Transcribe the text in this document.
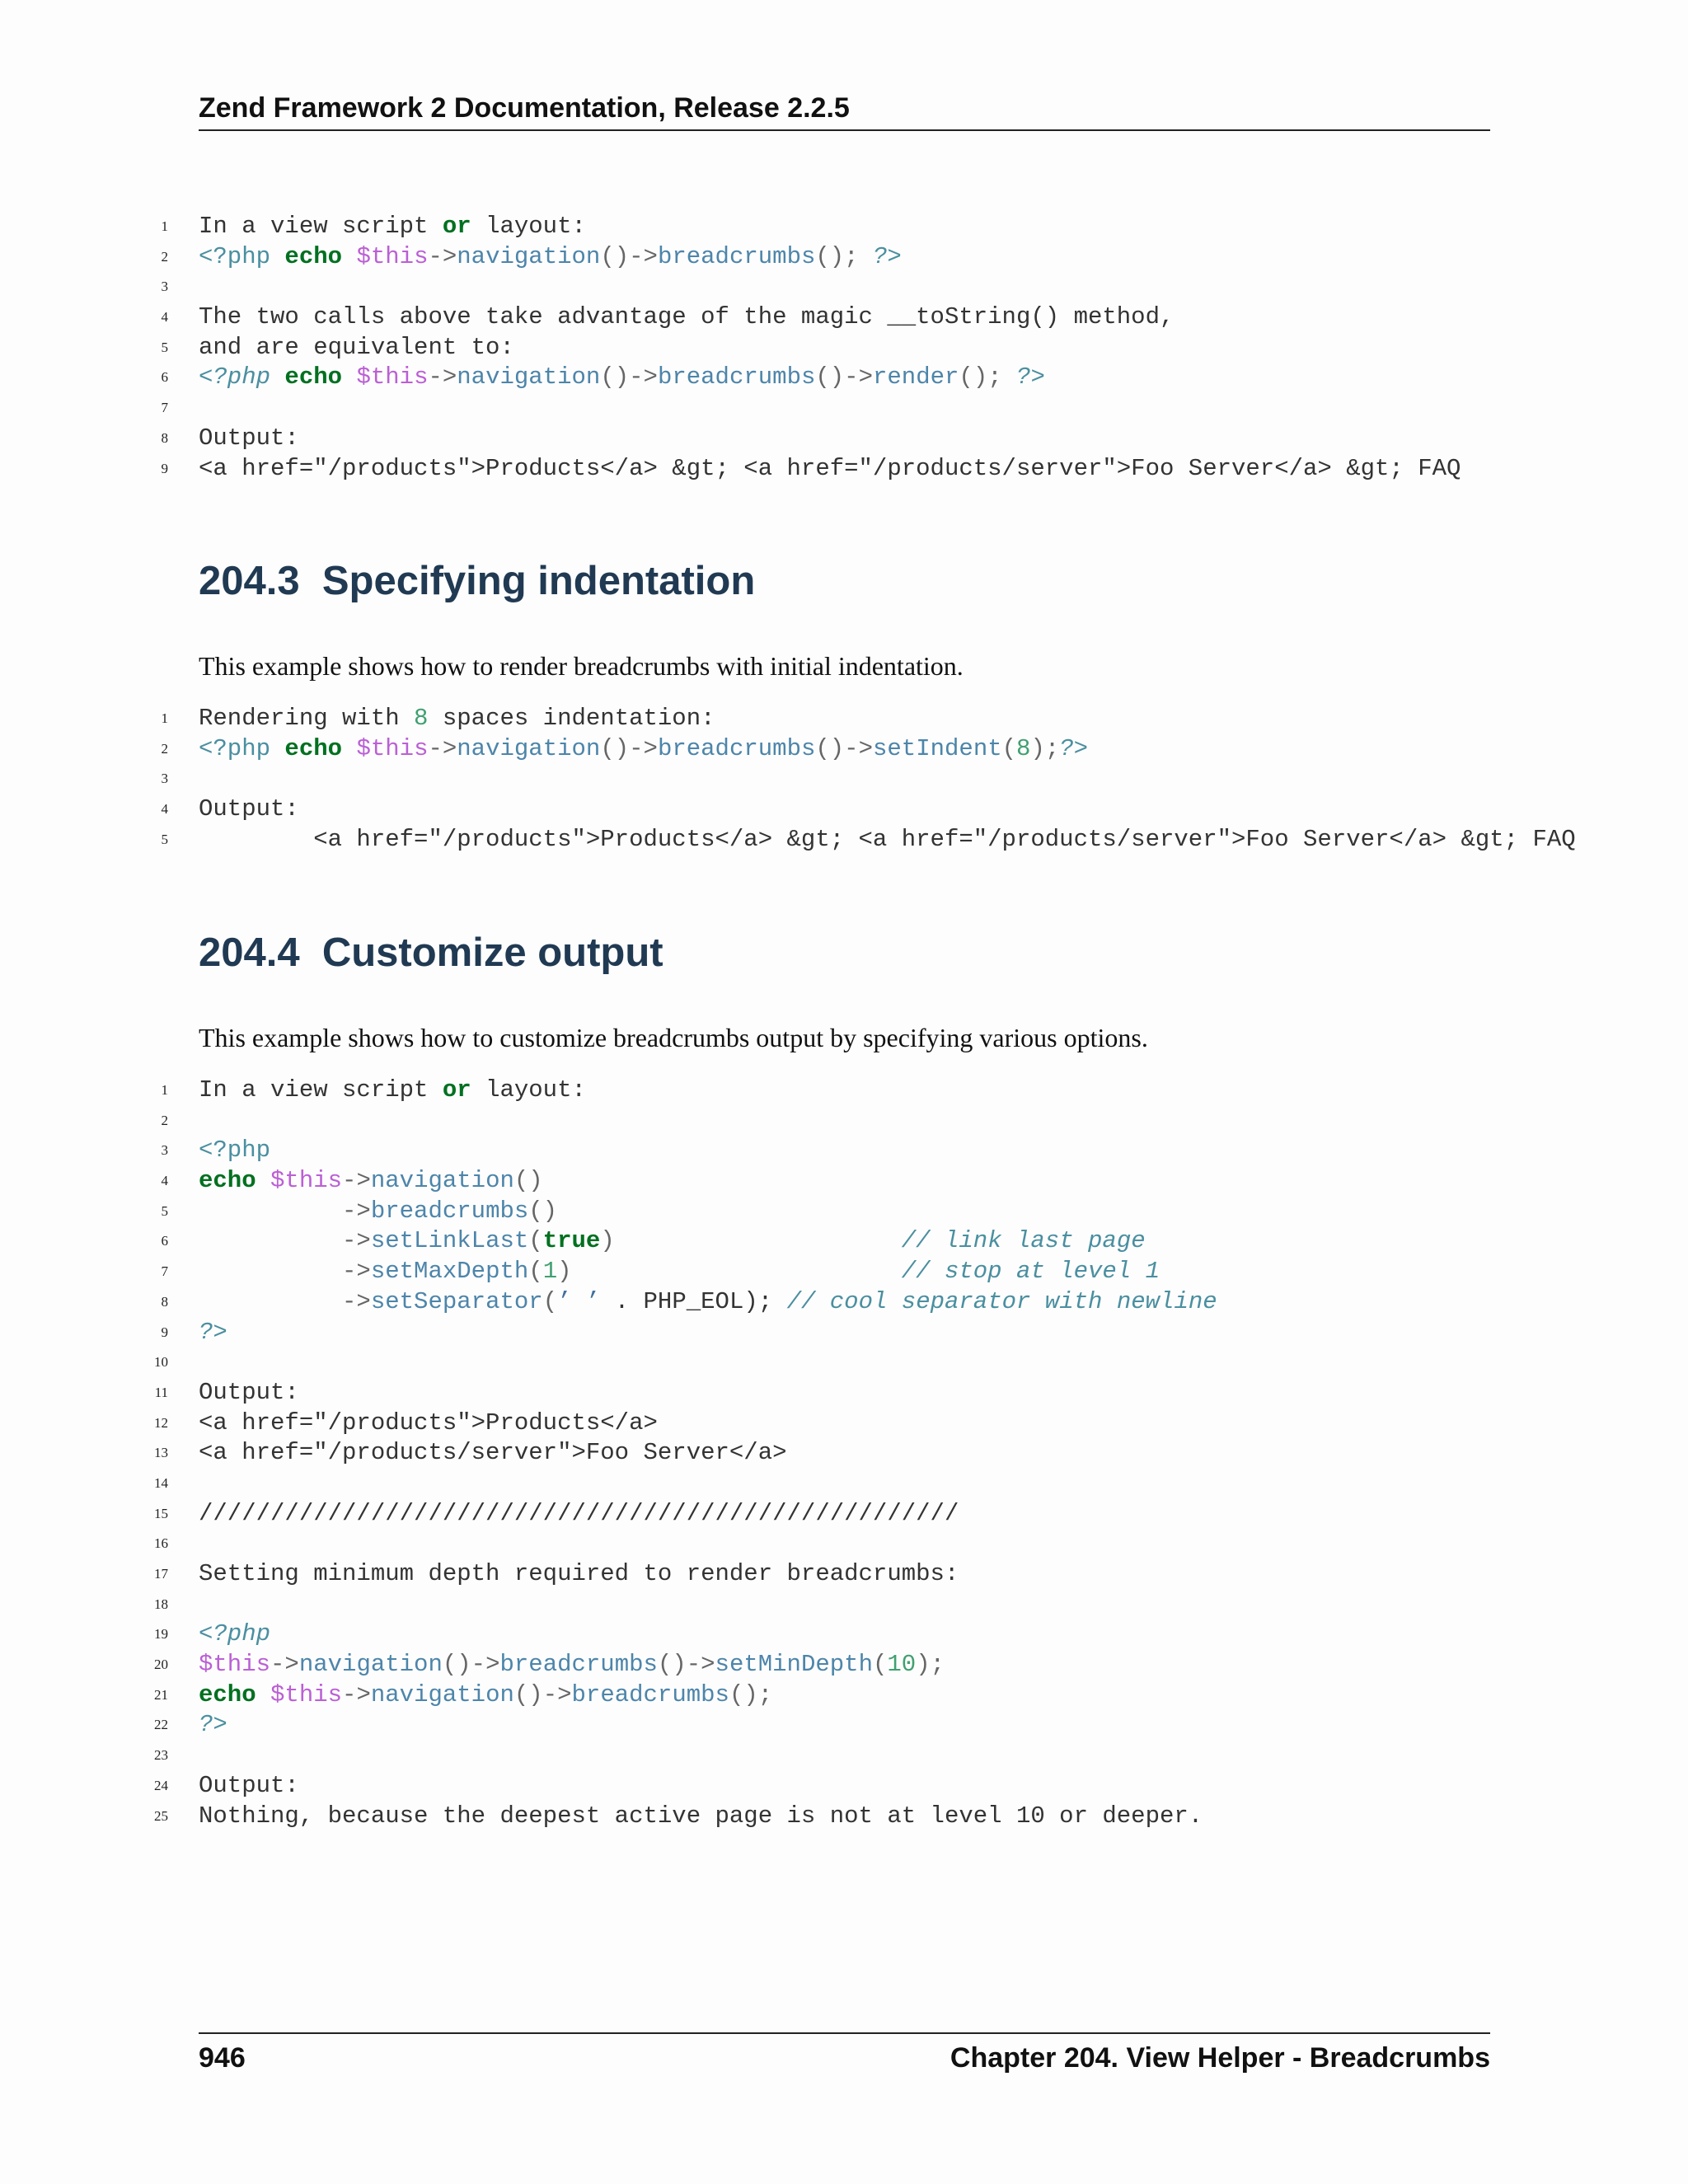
Zend Framework 2 Documentation, Release 2.2.5
1 In a view script or layout:
2 <?php echo $this->navigation()->breadcrumbs(); ?>
3
4 The two calls above take advantage of the magic __toString() method,
5 and are equivalent to:
6 <?php echo $this->navigation()->breadcrumbs()->render(); ?>
7
8 Output:
9 <a href="/products">Products</a> &gt; <a href="/products/server">Foo Server</a> &gt; FAQ
204.3  Specifying indentation
This example shows how to render breadcrumbs with initial indentation.
1 Rendering with 8 spaces indentation:
2 <?php echo $this->navigation()->breadcrumbs()->setIndent(8);?>
3
4 Output:
5 <a href="/products">Products</a> &gt; <a href="/products/server">Foo Server</a> &gt; FAQ
204.4  Customize output
This example shows how to customize breadcrumbs output by specifying various options.
1 In a view script or layout:
2
3 <?php
4 echo $this->navigation()
5	->breadcrumbs()
6	->setLinkLast(true)	// link last page
7	->setMaxDepth(1)	// stop at level 1
8	->setSeparator(’ ’ . PHP_EOL); // cool separator with newline
9 ?>
10
11 Output:
12 <a href="/products">Products</a>
13 <a href="/products/server">Foo Server</a>
14
15 /////////////////////////////////////////////////////
16
17 Setting minimum depth required to render breadcrumbs:
18
19 <?php
20 $this->navigation()->breadcrumbs()->setMinDepth(10);
21 echo $this->navigation()->breadcrumbs();
22 ?>
23
24 Output:
25 Nothing, because the deepest active page is not at level 10 or deeper.
946	Chapter 204. View Helper - Breadcrumbs
